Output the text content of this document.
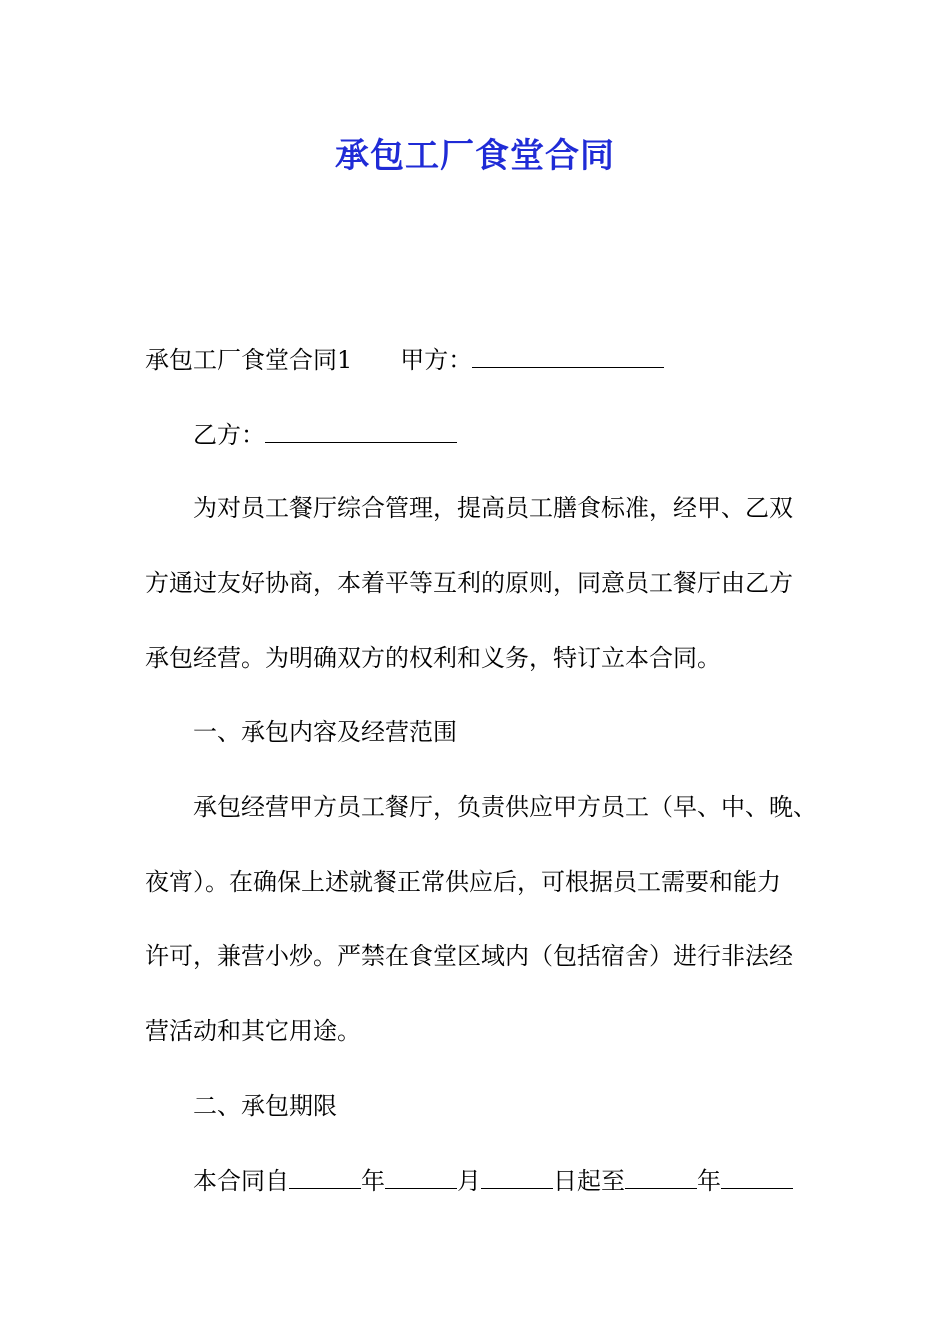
承包工厂食堂合同
承包工厂食堂合同1 甲方：
乙方：
为对员工餐厅综合管理，提高员工膳食标准，经甲、乙双
方通过友好协商，本着平等互利的原则，同意员工餐厅由乙方
承包经营。为明确双方的权利和义务，特订立本合同。
一、承包内容及经营范围
承包经营甲方员工餐厅，负责供应甲方员工（早、中、晚、
夜宵）。在确保上述就餐正常供应后，可根据员工需要和能力
许可，兼营小炒。严禁在食堂区域内（包括宿舍）进行非法经
营活动和其它用途。
二、承包期限
本合同自	年	月	日起至	年
